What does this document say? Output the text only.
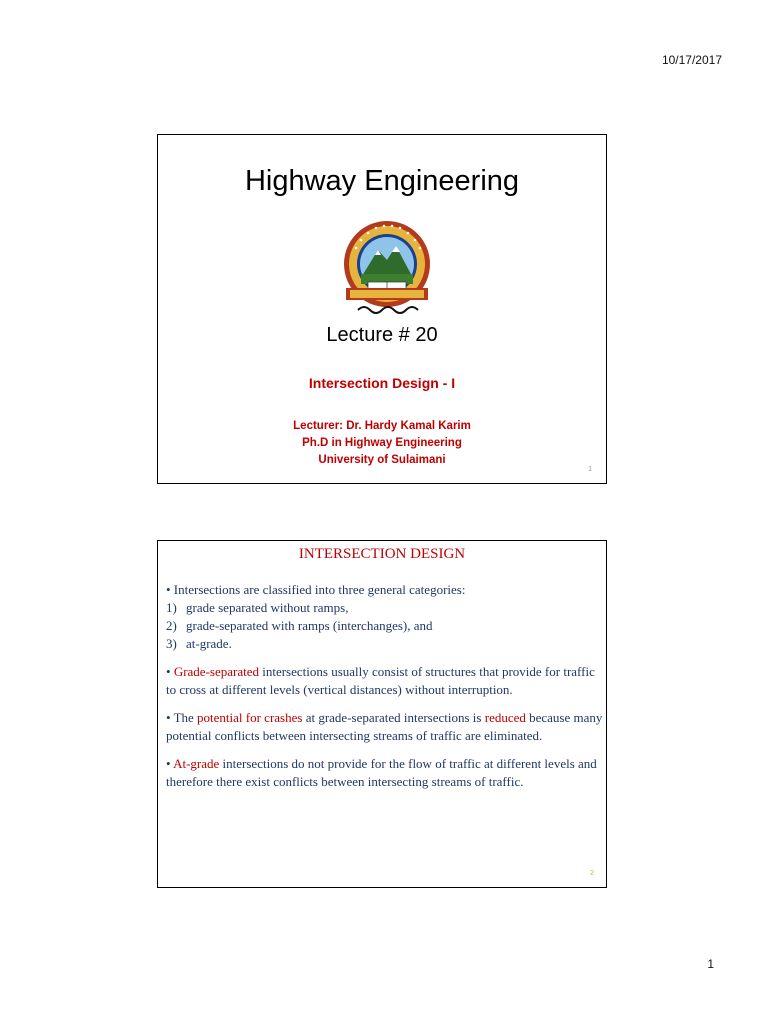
10/17/2017
Highway Engineering
Lecture # 20
Intersection Design - I
Lecturer: Dr. Hardy Kamal Karim
Ph.D in Highway Engineering
University of Sulaimani
1
INTERSECTION DESIGN

• Intersections are classified into three general categories:

1) grade separated without ramps,
2) grade-separated with ramps (interchanges), and
3) at-grade.

• Grade-separated intersections usually consist of structures that provide for traffic to cross at different levels (vertical distances) without interruption.

• The potential for crashes at grade-separated intersections is reduced because many potential conflicts between intersecting streams of traffic are eliminated.

• At-grade intersections do not provide for the flow of traffic at different levels and therefore there exist conflicts between intersecting streams of traffic.

2
1
